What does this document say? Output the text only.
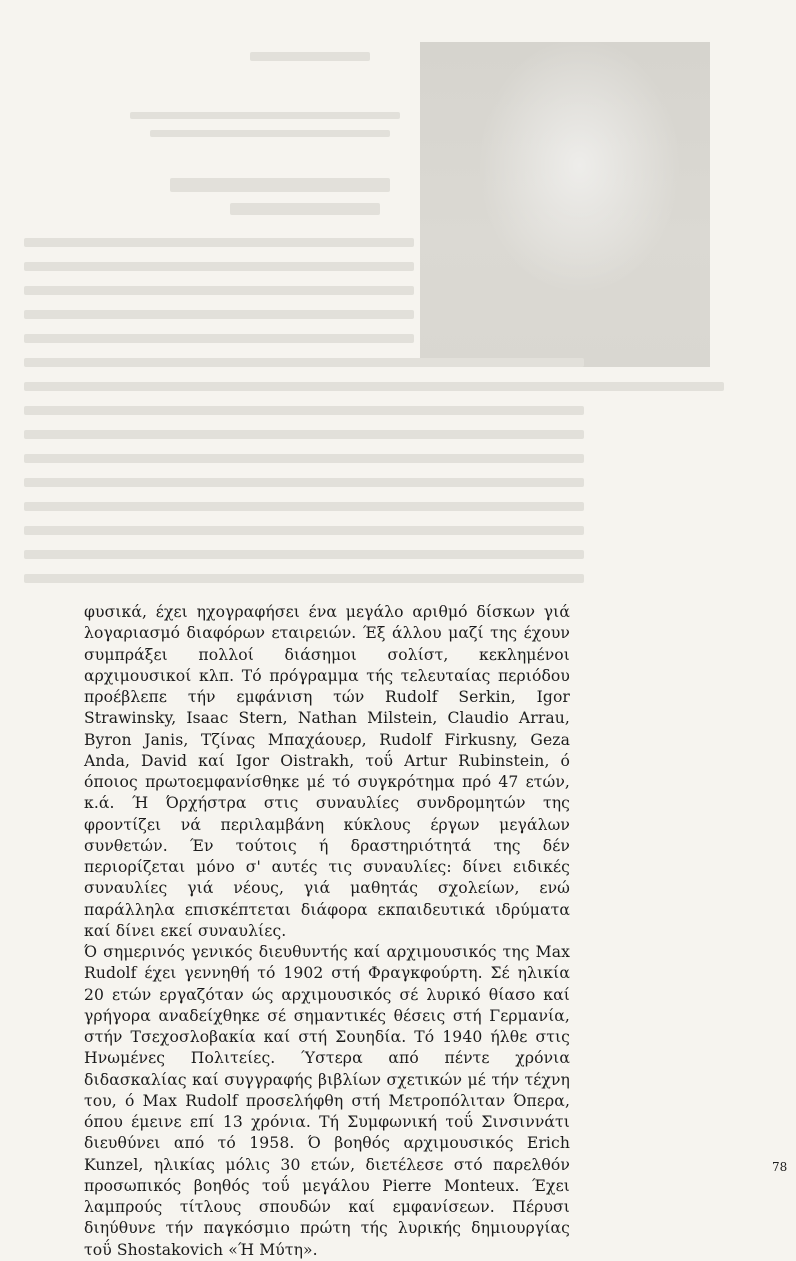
φυσικά, έχει ηχογραφήσει ένα μεγάλο αριθμό δίσκων γιά λογαριασμό διαφόρων εταιρειών. Έξ άλλου μαζί της έχουν συμπράξει πολλοί διάσημοι σολίστ, κεκλημένοι αρχιμουσικοί κλπ. Τό πρόγραμμα τής τελευταίας περιόδου προέβλεπε τήν εμφάνιση τών Rudolf Serkin, Igor Strawinsky, Isaac Stern, Nathan Milstein, Claudio Arrau, Byron Janis, Τζίνας Μπαχάουερ, Rudolf Firkusny, Geza Anda, David καί Igor Oistrakh, τοΰ Artur Rubinstein, ό όποιος πρωτοεμφανίσθηκε μέ τό συγκρότημα πρό 47 ετών, κ.ά. Ή Όρχήστρα στις συναυλίες συνδρομητών της φροντίζει νά περιλαμβάνη κύκλους έργων μεγάλων συνθετών. Έν τούτοις ή δραστηριότητά της δέν περιορίζεται μόνο σ' αυτές τις συναυλίες: δίνει ειδικές συναυλίες γιά νέους, γιά μαθητάς σχολείων, ενώ παράλληλα επισκέπτεται διάφορα εκπαιδευτικά ιδρύματα καί δίνει εκεί συναυλίες.

Ό σημερινός γενικός διευθυντής καί αρχιμουσικός της Max Rudolf έχει γεννηθή τό 1902 στή Φραγκφούρτη. Σέ ηλικία 20 ετών εργαζόταν ώς αρχιμουσικός σέ λυρικό θίασο καί γρήγορα αναδείχθηκε σέ σημαντικές θέσεις στή Γερμανία, στήν Τσεχοσλοβακία καί στή Σουηδία. Τό 1940 ήλθε στις Ηνωμένες Πολιτείες. Ύστερα από πέντε χρόνια διδασκαλίας καί συγγραφής βιβλίων σχετικών μέ τήν τέχνη του, ό Max Rudolf προσελήφθη στή Μετροπόλιταν Όπερα, όπου έμεινε επί 13 χρόνια. Τή Συμφωνική τοΰ Σινσιννάτι διευθύνει από τό 1958. Ό βοηθός αρχιμουσικός Erich Kunzel, ηλικίας μόλις 30 ετών, διετέλεσε στό παρελθόν προσωπικός βοηθός τοΰ μεγάλου Pierre Monteux. Έχει λαμπρούς τίτλους σπουδών καί εμφανίσεων. Πέρυσι διηύθυνε τήν παγκόσμιο πρώτη τής λυρικής δημιουργίας τοΰ Shostakovich «Ή Μύτη».

78
